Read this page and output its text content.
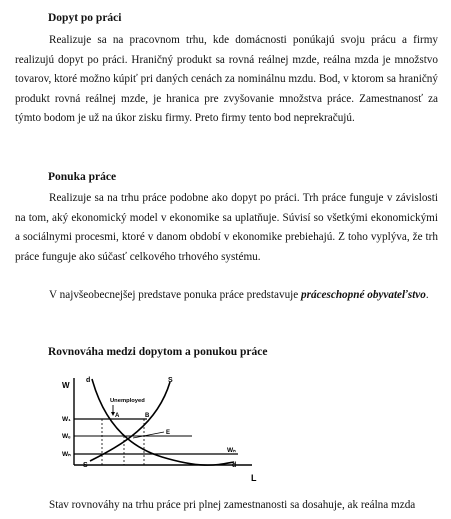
Dopyt po práci

Realizuje sa na pracovnom trhu, kde domácnosti ponúkajú svoju prácu a firmy realizujú dopyt po práci. Hraničný produkt sa rovná reálnej mzde, reálna mzda je množstvo tovarov, ktoré možno kúpiť pri daných cenách za nominálnu mzdu. Bod, v ktorom sa hraničný produkt rovná reálnej mzde, je hranica pre zvyšovanie množstva práce. Zamestnanosť za týmto bodom je už na úkor zisku firmy. Preto firmy tento bod neprekračujú.

Ponuka práce

Realizuje sa na trhu práce podobne ako dopyt po práci. Trh práce funguje v závislosti na tom, aký ekonomický model v ekonomike sa uplatňuje. Súvisí so všetkými ekonomickými a sociálnymi procesmi, ktoré v danom období v ekonomike prebiehajú. Z toho vyplýva, že trh práce funguje ako súčasť celkového trhového systému.

V najvšeobecnejšej predstave ponuka práce predstavuje práceschopné obyvateľstvo.

Rovnováha medzi dopytom a ponukou práce

W
L
W₁
Wₑ
Wₙ
Wₙ
d
d
S
S
Unemployed
A	B
E

Stav rovnováhy na trhu práce pri plnej zamestnanosti sa dosahuje, ak reálna mzda
